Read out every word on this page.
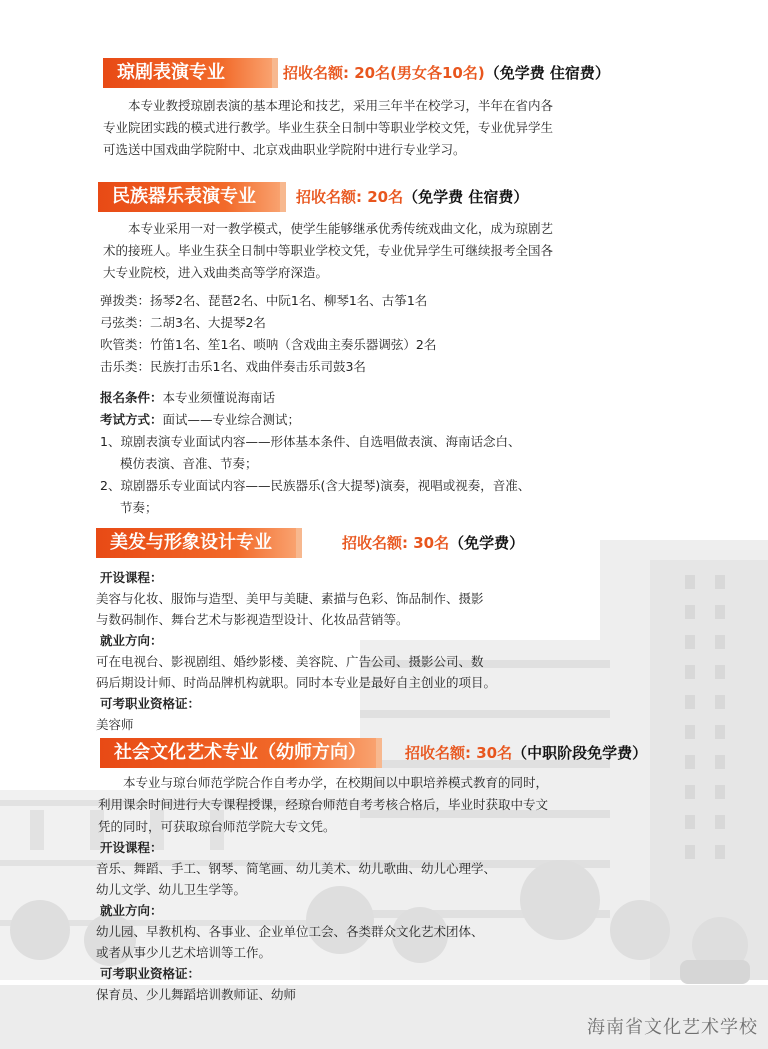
琼剧表演专业	招收名额: 20名(男女各10名)（免学费 住宿费）

本专业教授琼剧表演的基本理论和技艺，采用三年半在校学习，半年在省内各专业院团实践的模式进行教学。毕业生获全日制中等职业学校文凭，专业优异学生可选送中国戏曲学院附中、北京戏曲职业学院附中进行专业学习。

民族器乐表演专业	招收名额: 20名（免学费 住宿费）

本专业采用一对一教学模式，使学生能够继承优秀传统戏曲文化，成为琼剧艺术的接班人。毕业生获全日制中等职业学校文凭，专业优异学生可继续报考全国各大专业院校，进入戏曲类高等学府深造。

弹拨类：扬琴2名、琵琶2名、中阮1名、柳琴1名、古筝1名
弓弦类：二胡3名、大提琴2名
吹管类：竹笛1名、笙1名、唢呐（含戏曲主奏乐器调弦）2名
击乐类：民族打击乐1名、戏曲伴奏击乐司鼓3名
报名条件：本专业须懂说海南话
考试方式：面试——专业综合测试；
1、琼剧表演专业面试内容——形体基本条件、自选唱做表演、海南话念白、
模仿表演、音准、节奏；
2、琼剧器乐专业面试内容——民族器乐(含大提琴)演奏，视唱或视奏，音准、
节奏；
美发与形象设计专业	招收名额: 30名（免学费）
开设课程：
美容与化妆、服饰与造型、美甲与美睫、素描与色彩、饰品制作、摄影
与数码制作、舞台艺术与影视造型设计、化妆品营销等。
就业方向：
可在电视台、影视剧组、婚纱影楼、美容院、广告公司、摄影公司、数
码后期设计师、时尚品牌机构就职。同时本专业是最好自主创业的项目。
可考职业资格证：
美容师
社会文化艺术专业（幼师方向）	招收名额: 30名（中职阶段免学费）

本专业与琼台师范学院合作自考办学，在校期间以中职培养模式教育的同时，利用课余时间进行大专课程授课，经琼台师范自考考核合格后，毕业时获取中专文凭的同时，可获取琼台师范学院大专文凭。

开设课程：
音乐、舞蹈、手工、钢琴、简笔画、幼儿美术、幼儿歌曲、幼儿心理学、
幼儿文学、幼儿卫生学等。
就业方向：
幼儿园、早教机构、各事业、企业单位工会、各类群众文化艺术团体、
或者从事少儿艺术培训等工作。
可考职业资格证：
保育员、少儿舞蹈培训教师证、幼师
海南省文化艺术学校
